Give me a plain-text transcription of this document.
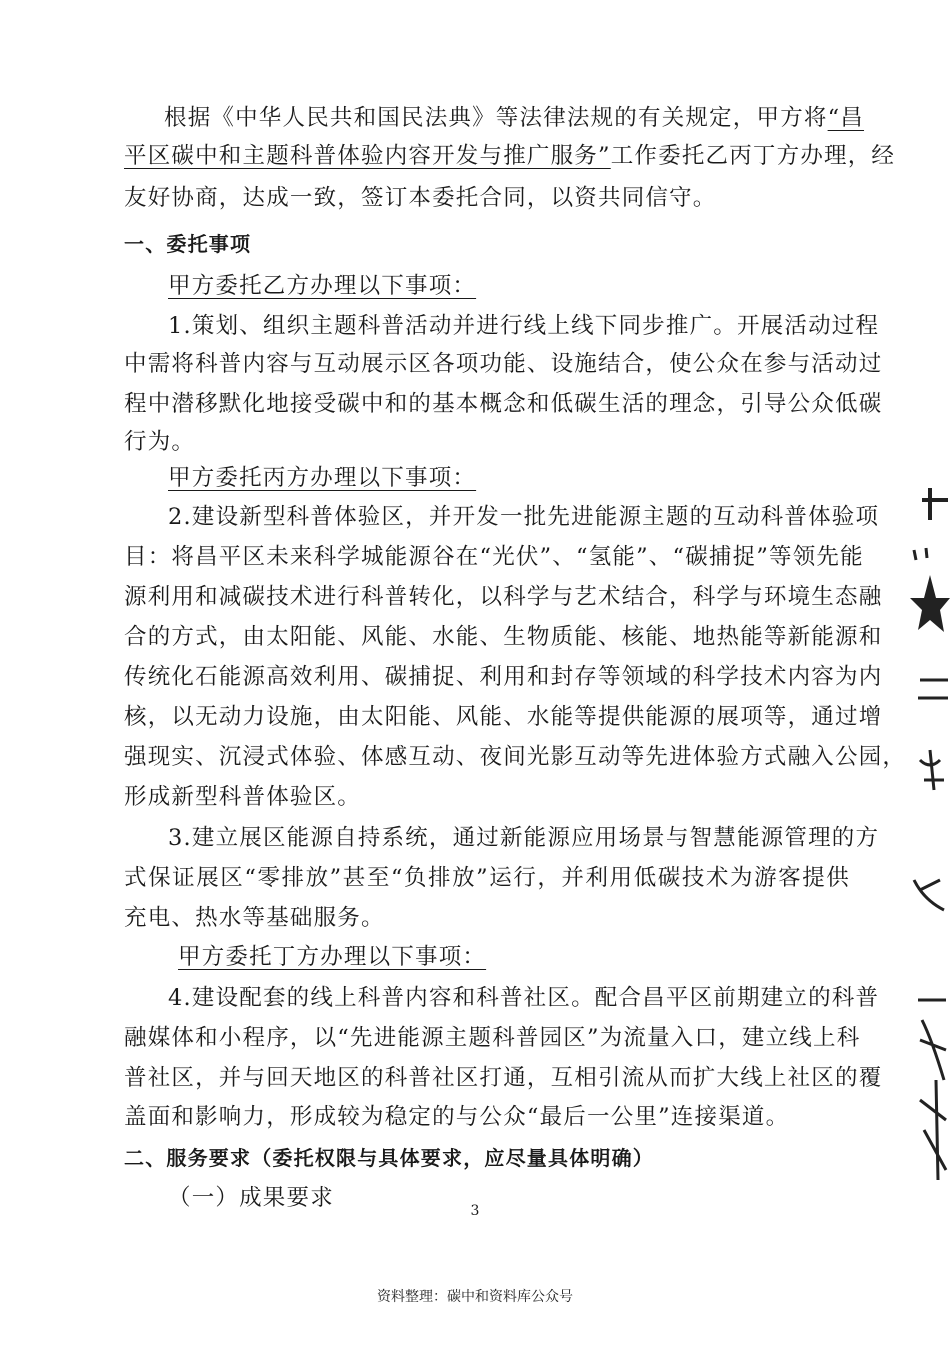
根据《中华人民共和国民法典》等法律法规的有关规定，甲方将“昌
平区碳中和主题科普体验内容开发与推广服务”工作委托乙丙丁方办理，经
友好协商，达成一致，签订本委托合同，以资共同信守。
一、委托事项
甲方委托乙方办理以下事项：
1.策划、组织主题科普活动并进行线上线下同步推广。开展活动过程
中需将科普内容与互动展示区各项功能、设施结合，使公众在参与活动过
程中潜移默化地接受碳中和的基本概念和低碳生活的理念，引导公众低碳
行为。
甲方委托丙方办理以下事项：
2.建设新型科普体验区，并开发一批先进能源主题的互动科普体验项
目：将昌平区未来科学城能源谷在“光伏”、“氢能”、“碳捕捉”等领先能
源利用和减碳技术进行科普转化，以科学与艺术结合，科学与环境生态融
合的方式，由太阳能、风能、水能、生物质能、核能、地热能等新能源和
传统化石能源高效利用、碳捕捉、利用和封存等领域的科学技术内容为内
核，以无动力设施，由太阳能、风能、水能等提供能源的展项等，通过增
强现实、沉浸式体验、体感互动、夜间光影互动等先进体验方式融入公园，
形成新型科普体验区。
3.建立展区能源自持系统，通过新能源应用场景与智慧能源管理的方
式保证展区“零排放”甚至“负排放”运行，并利用低碳技术为游客提供
充电、热水等基础服务。
甲方委托丁方办理以下事项：
4.建设配套的线上科普内容和科普社区。配合昌平区前期建立的科普
融媒体和小程序，以“先进能源主题科普园区”为流量入口，建立线上科
普社区，并与回天地区的科普社区打通，互相引流从而扩大线上社区的覆
盖面和影响力，形成较为稳定的与公众“最后一公里”连接渠道。
二、服务要求（委托权限与具体要求，应尽量具体明确）
（一）成果要求	3
资料整理：碳中和资料库公众号
